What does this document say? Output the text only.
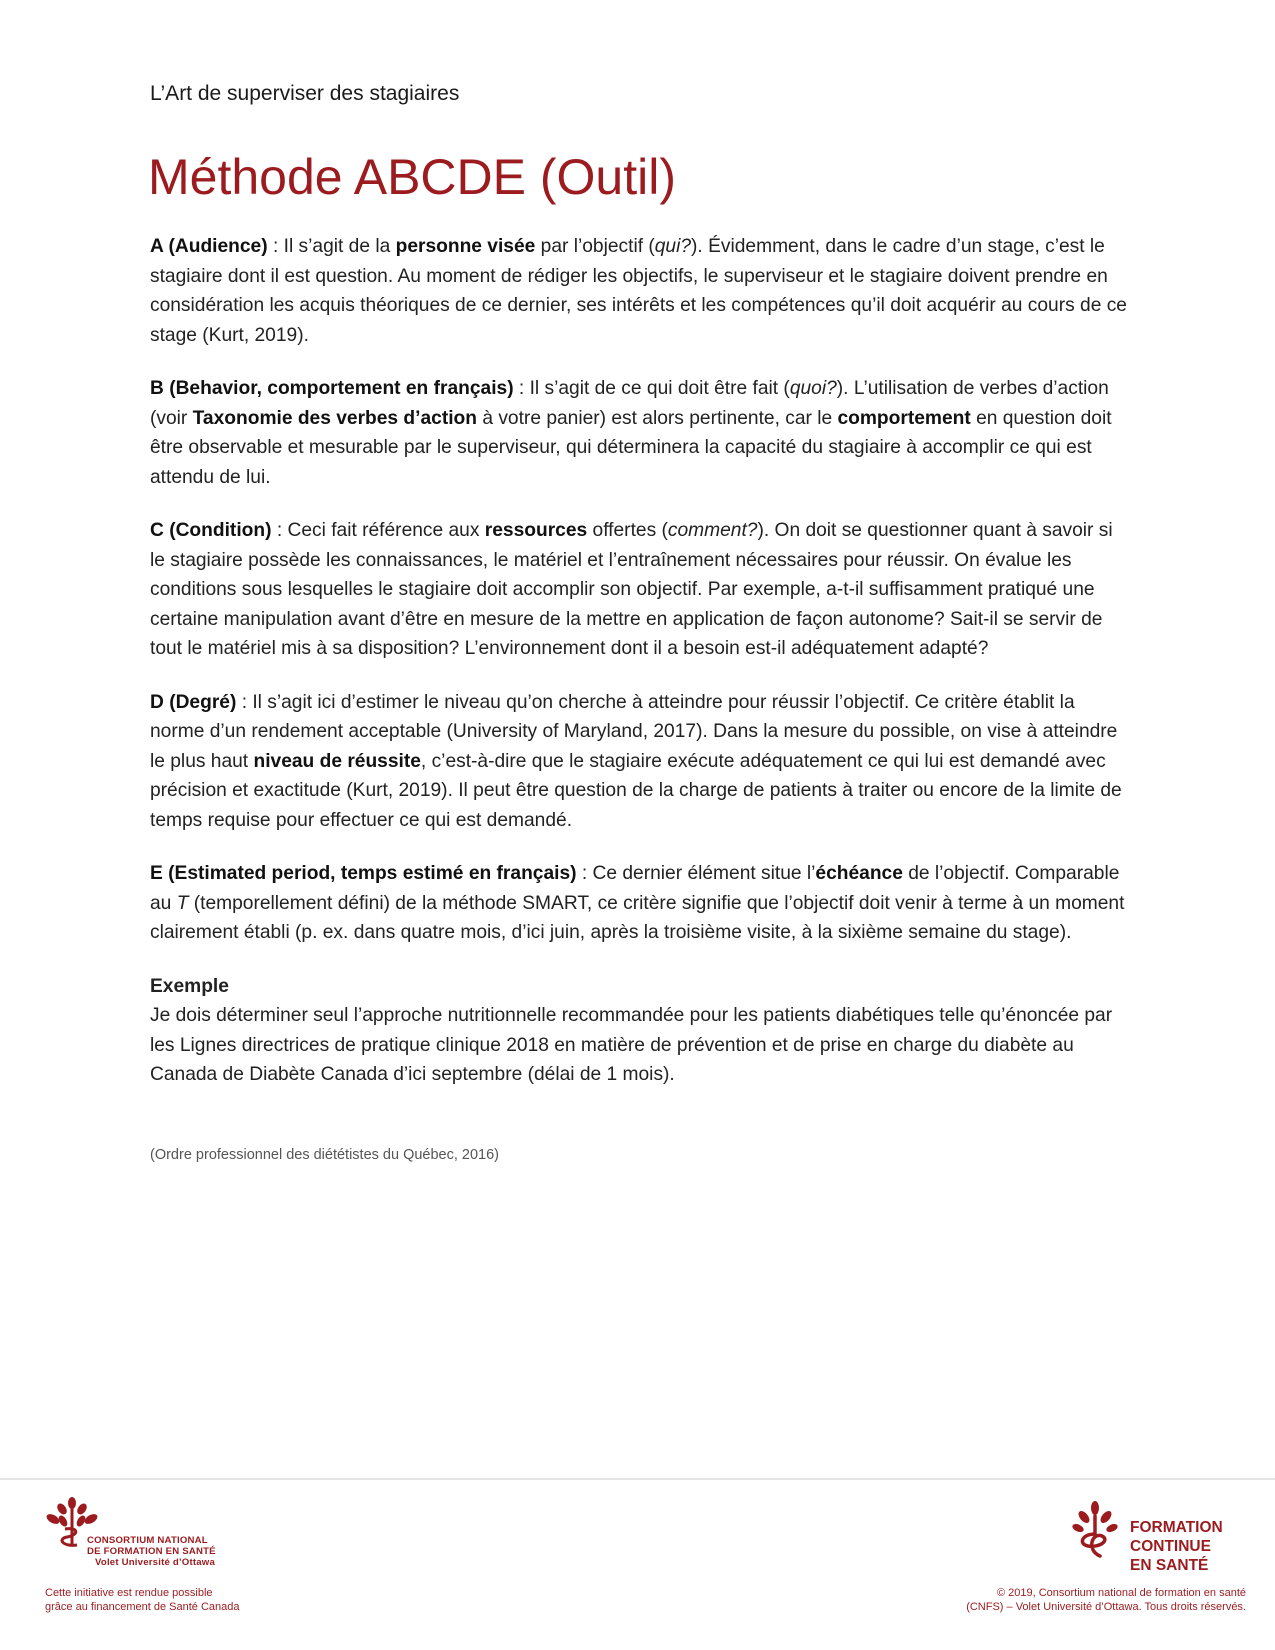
L’Art de superviser des stagiaires
Méthode ABCDE (Outil)

A (Audience) : Il s’agit de la personne visée par l’objectif (qui?). Évidemment, dans le cadre d’un stage, c’est le stagiaire dont il est question. Au moment de rédiger les objectifs, le superviseur et le stagiaire doivent prendre en considération les acquis théoriques de ce dernier, ses intérêts et les compétences qu’il doit acquérir au cours de ce stage (Kurt, 2019).

B (Behavior, comportement en français) : Il s’agit de ce qui doit être fait (quoi?). L’utilisation de verbes d’action (voir Taxonomie des verbes d’action à votre panier) est alors pertinente, car le comportement en question doit être observable et mesurable par le superviseur, qui déterminera la capacité du stagiaire à accomplir ce qui est attendu de lui.

C (Condition) : Ceci fait référence aux ressources offertes (comment?). On doit se questionner quant à savoir si le stagiaire possède les connaissances, le matériel et l’entraînement nécessaires pour réussir. On évalue les conditions sous lesquelles le stagiaire doit accomplir son objectif. Par exemple, a-t-il suffisamment pratiqué une certaine manipulation avant d’être en mesure de la mettre en application de façon autonome? Sait-il se servir de tout le matériel mis à sa disposition? L’environnement dont il a besoin est-il adéquatement adapté?

D (Degré) : Il s’agit ici d’estimer le niveau qu’on cherche à atteindre pour réussir l’objectif. Ce critère établit la norme d’un rendement acceptable (University of Maryland, 2017). Dans la mesure du possible, on vise à atteindre le plus haut niveau de réussite, c’est-à-dire que le stagiaire exécute adéquatement ce qui lui est demandé avec précision et exactitude (Kurt, 2019). Il peut être question de la charge de patients à traiter ou encore de la limite de temps requise pour effectuer ce qui est demandé.

E (Estimated period, temps estimé en français) : Ce dernier élément situe l’échéance de l’objectif. Comparable au T (temporellement défini) de la méthode SMART, ce critère signifie que l’objectif doit venir à terme à un moment clairement établi (p. ex. dans quatre mois, d’ici juin, après la troisième visite, à la sixième semaine du stage).

Exemple
Je dois déterminer seul l’approche nutritionnelle recommandée pour les patients diabétiques telle qu’énoncée par les Lignes directrices de pratique clinique 2018 en matière de prévention et de prise en charge du diabète au Canada de Diabète Canada d’ici septembre (délai de 1 mois).

(Ordre professionnel des diététistes du Québec, 2016)
CONSORTIUM NATIONAL
DE FORMATION EN SANTÉ
Volet Université d’Ottawa
Cette initiative est rendue possible
grâce au financement de Santé Canada
FORMATION
CONTINUE
EN SANTÉ
© 2019, Consortium national de formation en santé
(CNFS) – Volet Université d’Ottawa. Tous droits réservés.
